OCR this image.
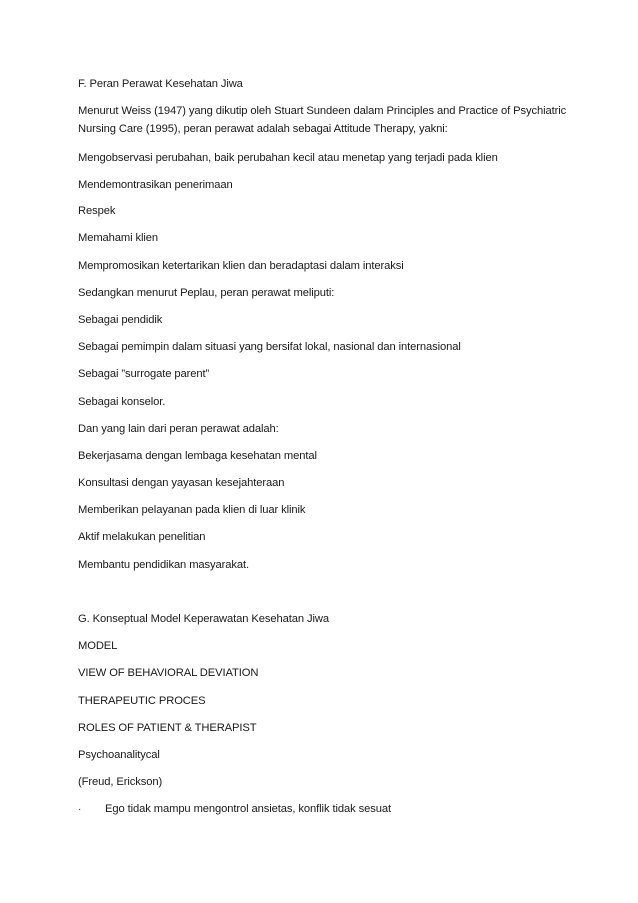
F. Peran Perawat Kesehatan Jiwa

Menurut Weiss (1947) yang dikutip oleh Stuart Sundeen dalam Principles and Practice of Psychiatric Nursing Care (1995), peran perawat adalah sebagai Attitude Therapy, yakni:

Mengobservasi perubahan, baik perubahan kecil atau menetap yang terjadi pada klien

Mendemontrasikan penerimaan

Respek

Memahami klien

Mempromosikan ketertarikan klien dan beradaptasi dalam interaksi

Sedangkan menurut Peplau, peran perawat meliputi:

Sebagai pendidik

Sebagai pemimpin dalam situasi yang bersifat lokal, nasional dan internasional

Sebagai ”surrogate parent”

Sebagai konselor.

Dan yang lain dari peran perawat adalah:

Bekerjasama dengan lembaga kesehatan mental

Konsultasi dengan yayasan kesejahteraan

Memberikan pelayanan pada klien di luar klinik

Aktif melakukan penelitian

Membantu pendidikan masyarakat.

G. Konseptual Model Keperawatan Kesehatan Jiwa

MODEL

VIEW OF BEHAVIORAL DEVIATION

THERAPEUTIC PROCES

ROLES OF PATIENT & THERAPIST

Psychoanalitycal

(Freud, Erickson)

·	Ego tidak mampu mengontrol ansietas, konflik tidak sesuat
